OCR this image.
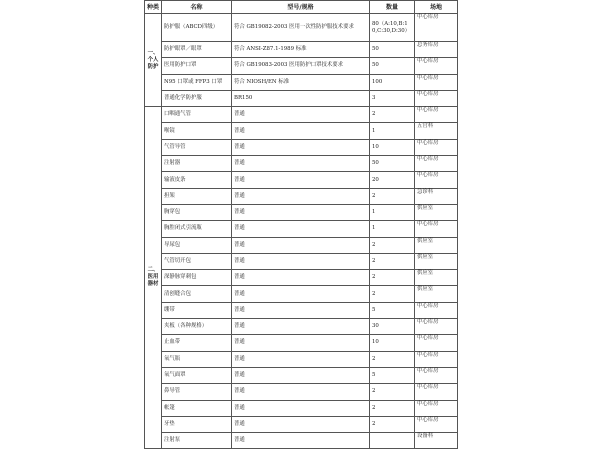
种类	名称	型号/规格	数量	场地

一、
个人
防护	防护服（ABCD四级）	符合 GB19082-2003 医用一次性防护服技术要求	80（A:10,B:10,C:30,D:30）	中心库房
	防护眼罩／眼罩	符合 ANSI-Z87.1-1989 标准	50	总务库房
	医用防护口罩	符合 GB19083-2003 医用防护口罩技术要求	50	中心库房
	N95 口罩或 FFP3 口罩	符合 NIOSH/EN 标准	100	中心库房
	普通化学防护服	BR150	3	中心库房

二、
医用
器材	口咽通气管	普通	2	中心库房
	喉镜	普通	1	五官科
	气管导管	普通	10	中心库房
	注射器	普通	50	中心库房
	输液皮条	普通	20	中心库房
	担架	普通	2	急诊科
	胸穿包	普通	1	供应室
	胸腔闭式引流瓶	普通	1	中心库房
	导尿包	普通	2	供应室
	气管切开包	普通	2	供应室
	深静脉穿刺包	普通	2	供应室
	清创缝合包	普通	2	供应室
	绷带	普通	5	中心库房
	夹板（各种规格）	普通	30	中心库房
	止血带	普通	10	中心库房
	氧气瓶	普通	2	中心库房
	氧气面罩	普通	5	中心库房
	鼻导管	普通	2	中心库房
	帐篷	普通	2	中心库房
	牙垫	普通	2	中心库房
	注射泵	普通		设备科
